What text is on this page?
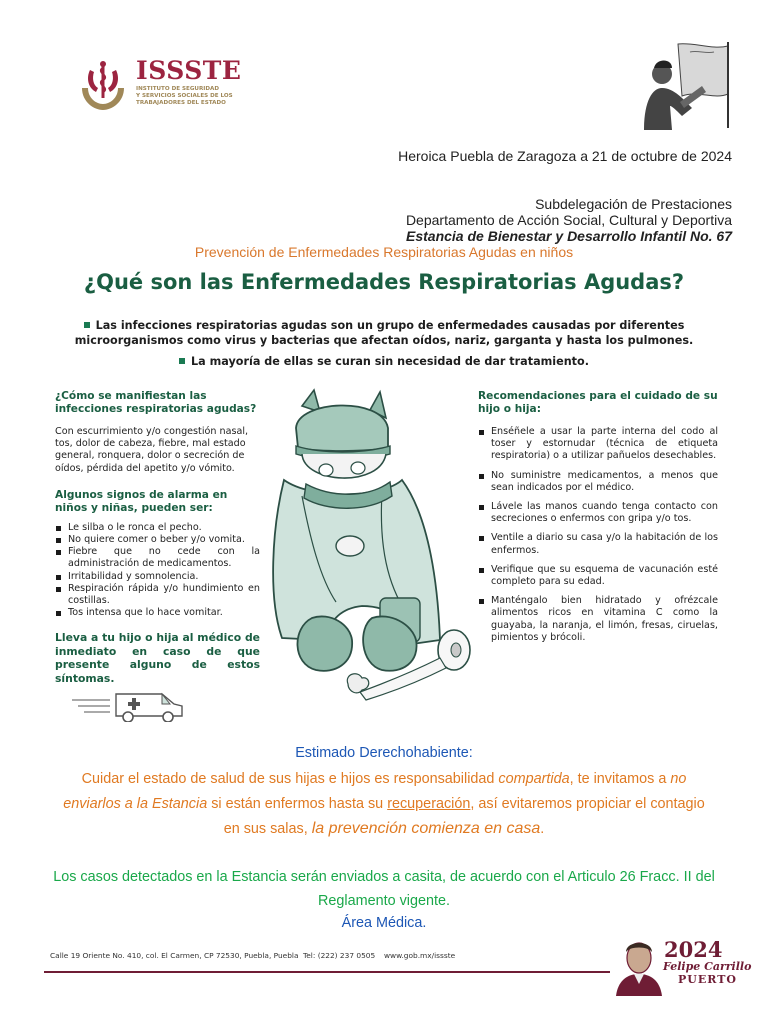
ISSSTE
INSTITUTO DE SEGURIDAD
Y SERVICIOS SOCIALES DE LOS
TRABAJADORES DEL ESTADO
Heroica Puebla de Zaragoza a 21 de octubre de 2024
Subdelegación de Prestaciones
Departamento de Acción Social, Cultural y Deportiva
Estancia de Bienestar y Desarrollo Infantil No. 67
Prevención de Enfermedades Respiratorias Agudas en niños
¿Qué son las Enfermedades Respiratorias Agudas?
Las infecciones respiratorias agudas son un grupo de enfermedades causadas por diferentes microorganismos como virus y bacterias que afectan oídos, nariz, garganta y hasta los pulmones.
La mayoría de ellas se curan sin necesidad de dar tratamiento.
¿Cómo se manifiestan las infecciones respiratorias agudas?
Con escurrimiento y/o congestión nasal, tos, dolor de cabeza, fiebre, mal estado general, ronquera, dolor o secreción de oídos, pérdida del apetito y/o vómito.
Algunos signos de alarma en niños y niñas, pueden ser:
Le silba o le ronca el pecho.
No quiere comer o beber y/o vomita.
Fiebre que no cede con la administración de medicamentos.
Irritabilidad y somnolencia.
Respiración rápida y/o hundimiento en costillas.
Tos intensa que lo hace vomitar.
Lleva a tu hijo o hija al médico de
inmediato en caso de que
presente alguno de estos
síntomas.
Recomendaciones para el cuidado de su hijo o hija:
Enséñele a usar la parte interna del codo al toser y estornudar (técnica de etiqueta respiratoria) o a utilizar pañuelos desechables.
No suministre medicamentos, a menos que sean indicados por el médico.
Lávele las manos cuando tenga contacto con secreciones o enfermos con gripa y/o tos.
Ventile a diario su casa y/o la habitación de los enfermos.
Verifique que su esquema de vacunación esté completo para su edad.
Manténgalo bien hidratado y ofrézcale alimentos ricos en vitamina C como la guayaba, la naranja, el limón, fresas, ciruelas, pimientos y brócoli.
Estimado Derechohabiente:
Cuidar el estado de salud de sus hijas e hijos es responsabilidad compartida, te invitamos a no
enviarlos a la Estancia si están enfermos hasta su recuperación, así evitaremos propiciar el contagio
en sus salas, la prevención comienza en casa.
Los casos detectados en la Estancia serán enviados a casita, de acuerdo con el Articulo 26 Fracc. II del
Reglamento vigente.
Área Médica.
Calle 19 Oriente No. 410, col. El Carmen, CP 72530, Puebla, Puebla Tel: (222) 237 0505 www.gob.mx/issste	2024
Felipe Carrillo
PUERTO
